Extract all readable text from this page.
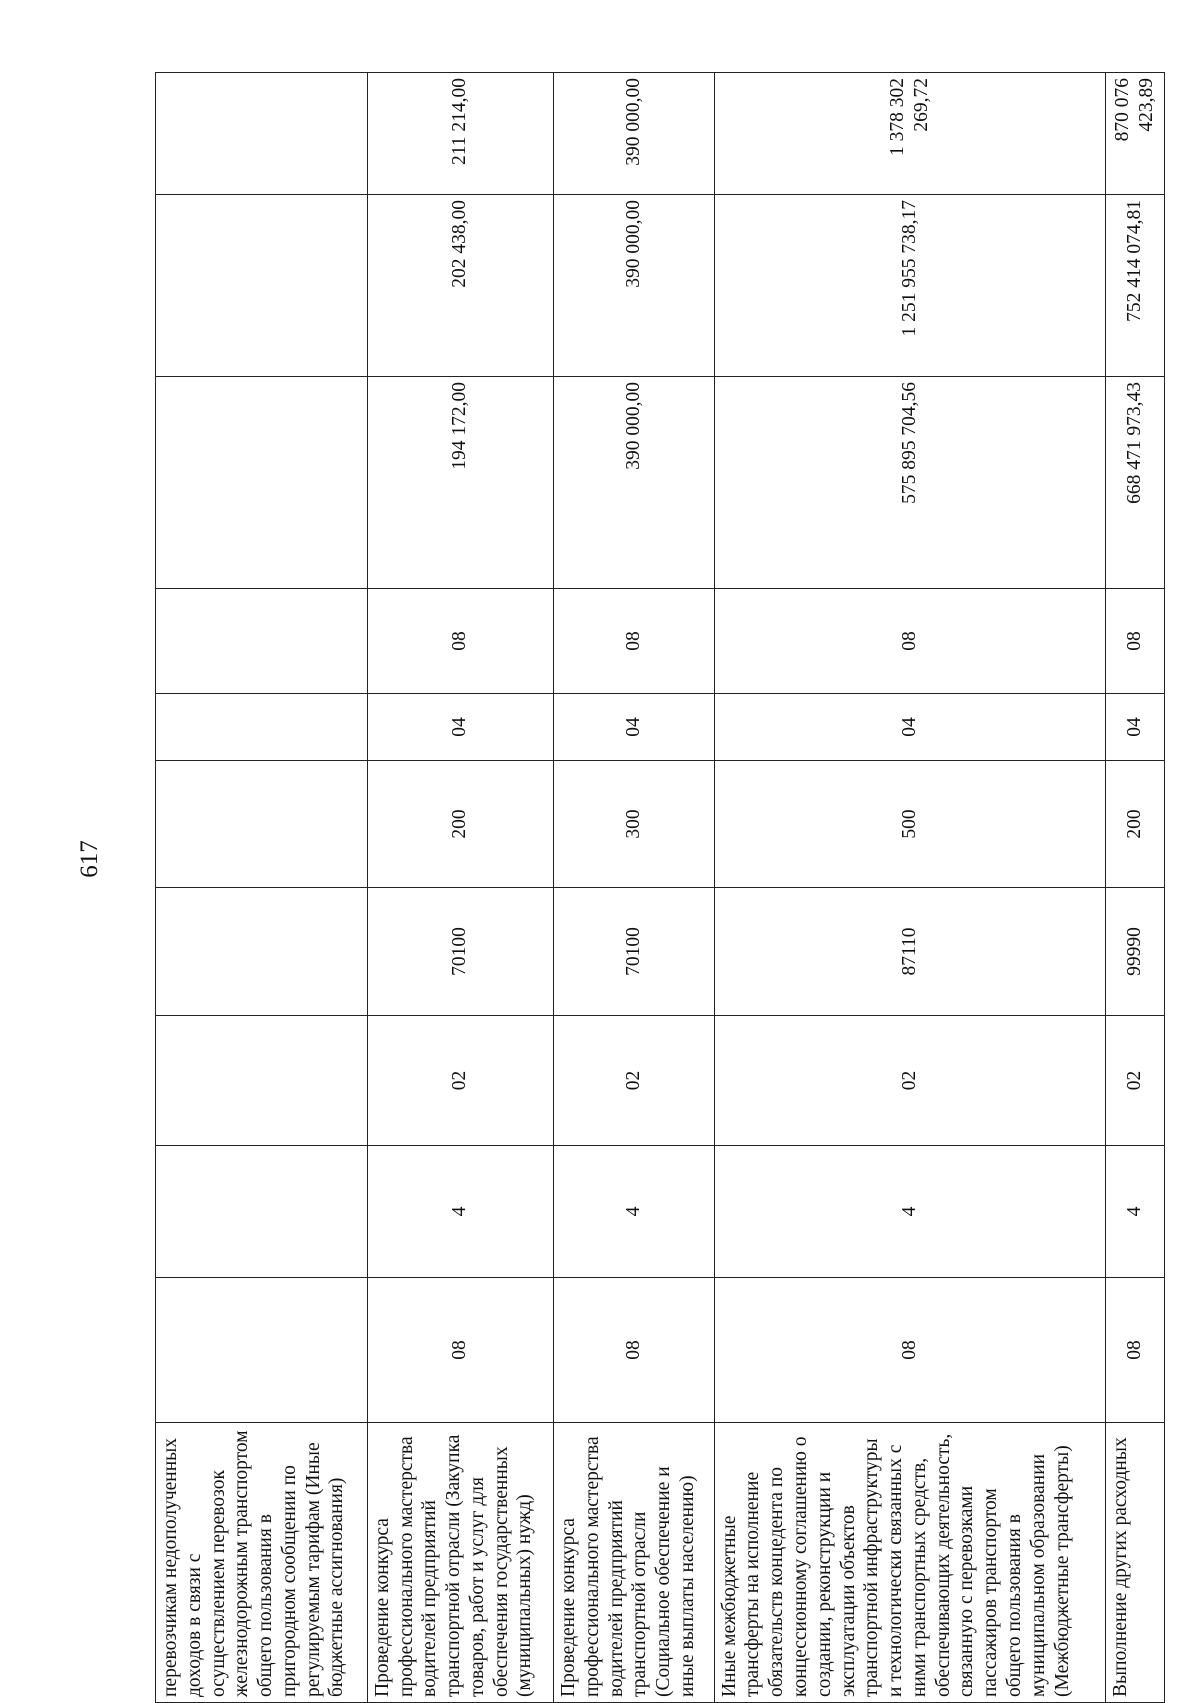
617
перевозчикам недополученных доходов в связи с осуществлением перевозок железнодорожным транспортом общего пользования в пригородном сообщении по регулируемым тарифам (Иные бюджетные ассигнования)										
Проведение конкурса профессионального мастерства водителей предприятий транспортной отрасли (Закупка товаров, работ и услуг для обеспечения государственных (муниципальных) нужд)	08	4	02	70100	200	04	08	194 172,00	202 438,00	211 214,00
Проведение конкурса профессионального мастерства водителей предприятий транспортной отрасли (Социальное обеспечение и иные выплаты населению)	08	4	02	70100	300	04	08	390 000,00	390 000,00	390 000,00
Иные межбюджетные трансферты на исполнение обязательств концедента по концессионному соглашению о создании, реконструкции и эксплуатации объектов транспортной инфраструктуры и технологически связанных с ними транспортных средств, обеспечивающих деятельность, связанную с перевозками пассажиров транспортом общего пользования в муниципальном образовании (Межбюджетные трансферты)	08	4	02	87110	500	04	08	575 895 704,56	1 251 955 738,17	1 378 302 269,72
Выполнение других расходных	08	4	02	99990	200	04	08	668 471 973,43	752 414 074,81	870 076 423,89
